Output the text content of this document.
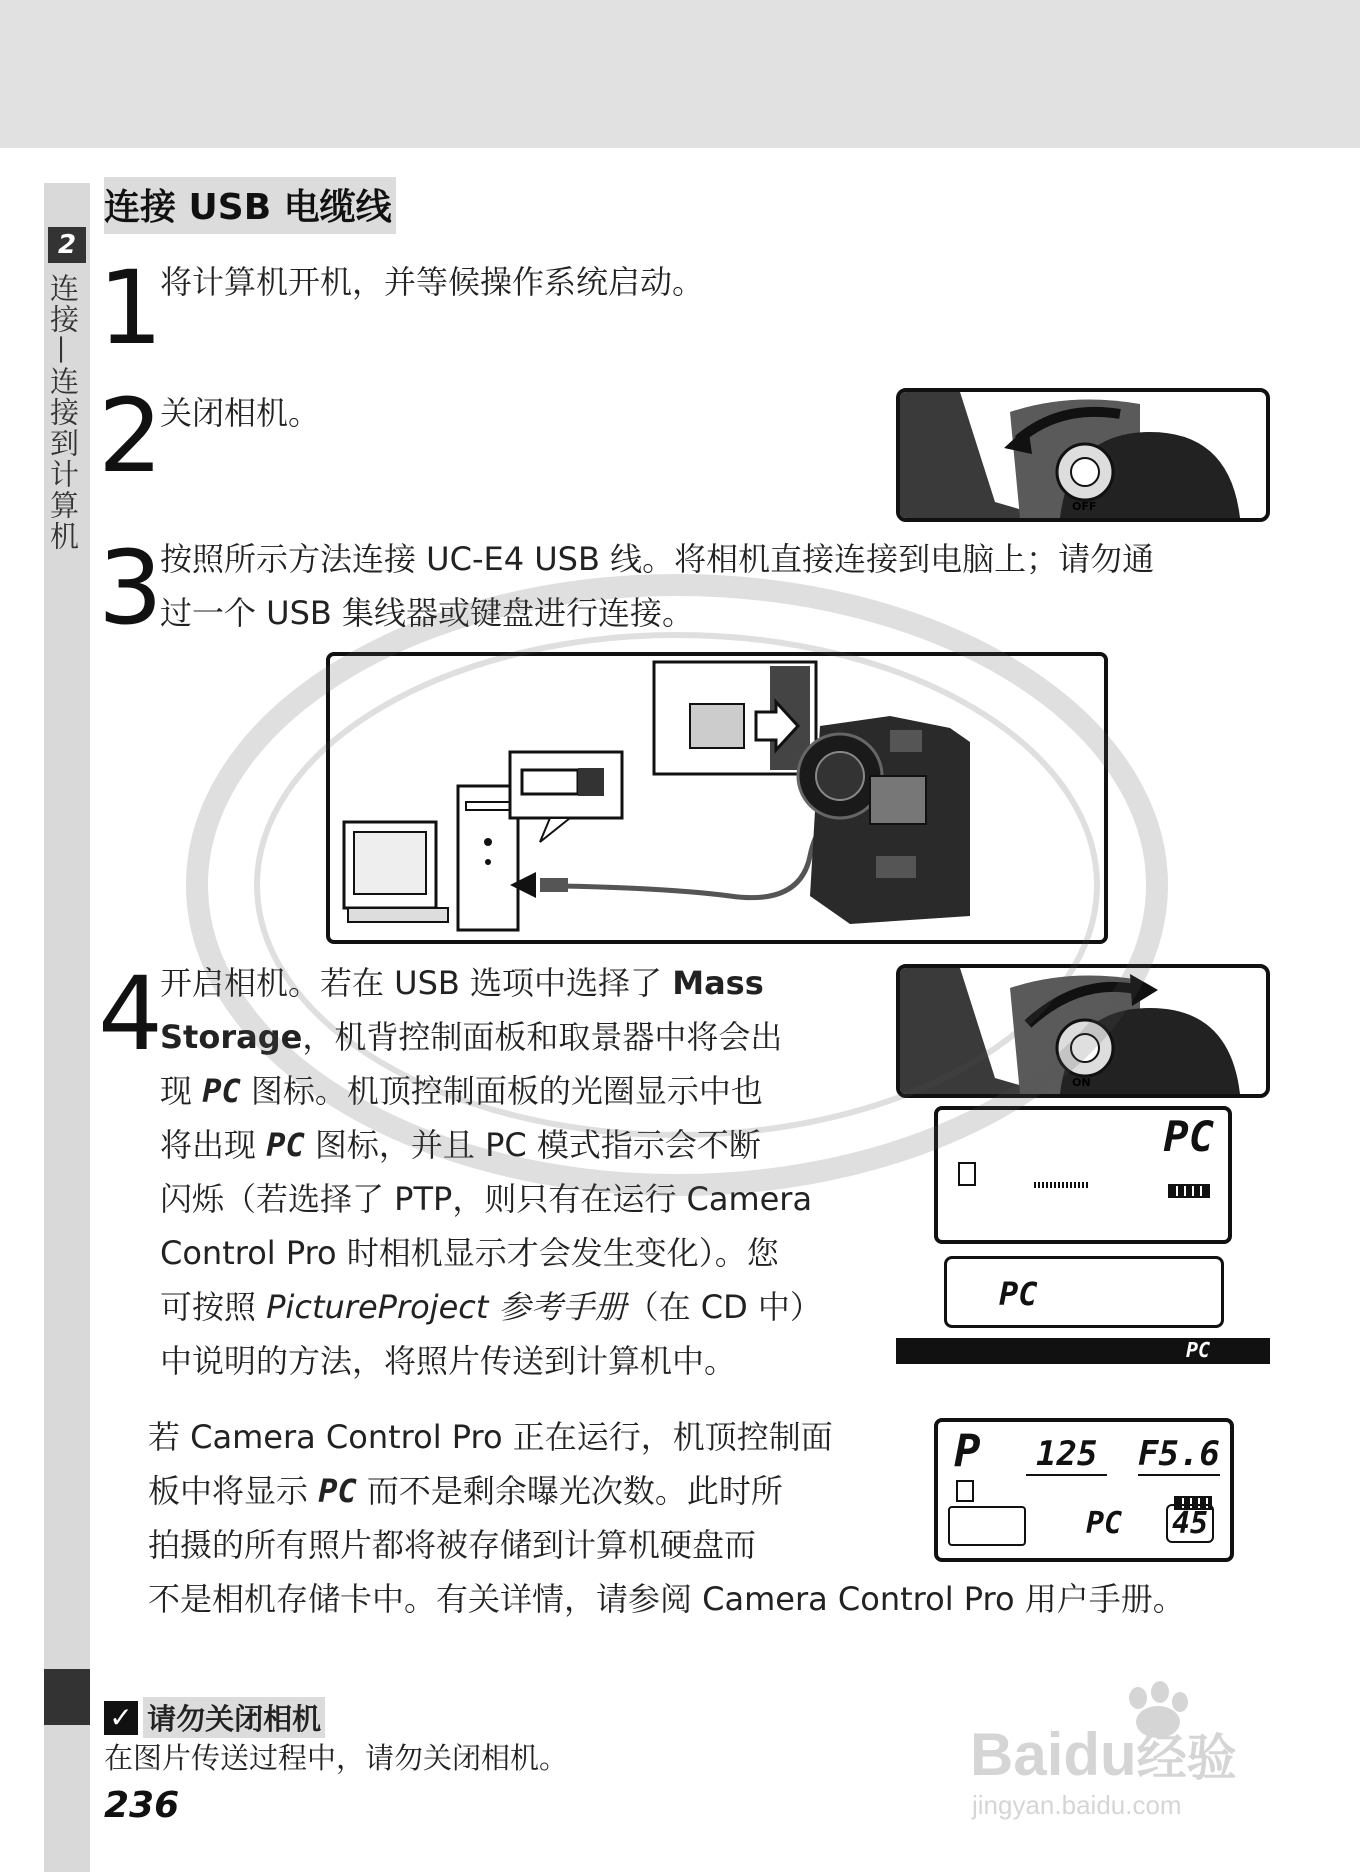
2
连接—连接到计算机
连接 USB 电缆线
1 将计算机开机，并等候操作系统启动。
2 关闭相机。
OFF
3 按照所示方法连接 UC-E4 USB 线。将相机直接连接到电脑上；请勿通
过一个 USB 集线器或键盘进行连接。
4 开启相机。若在 USB 选项中选择了 Mass
Storage，机背控制面板和取景器中将会出
现 PC 图标。机顶控制面板的光圈显示中也
将出现 PC 图标，并且 PC 模式指示会不断
闪烁（若选择了 PTP，则只有在运行 Camera
Control Pro 时相机显示才会发生变化）。您
可按照 PictureProject 参考手册（在 CD 中）
中说明的方法，将照片传送到计算机中。
ON
PC
PC
PC
若 Camera Control Pro 正在运行，机顶控制面
板中将显示 PC 而不是剩余曝光次数。此时所
拍摄的所有照片都将被存储到计算机硬盘而
不是相机存储卡中。有关详情，请参阅 Camera Control Pro 用户手册。
P 125 F5.6
PC 45
✓ 请勿关闭相机
在图片传送过程中，请勿关闭相机。
236
Baidu经验
jingyan.baidu.com
